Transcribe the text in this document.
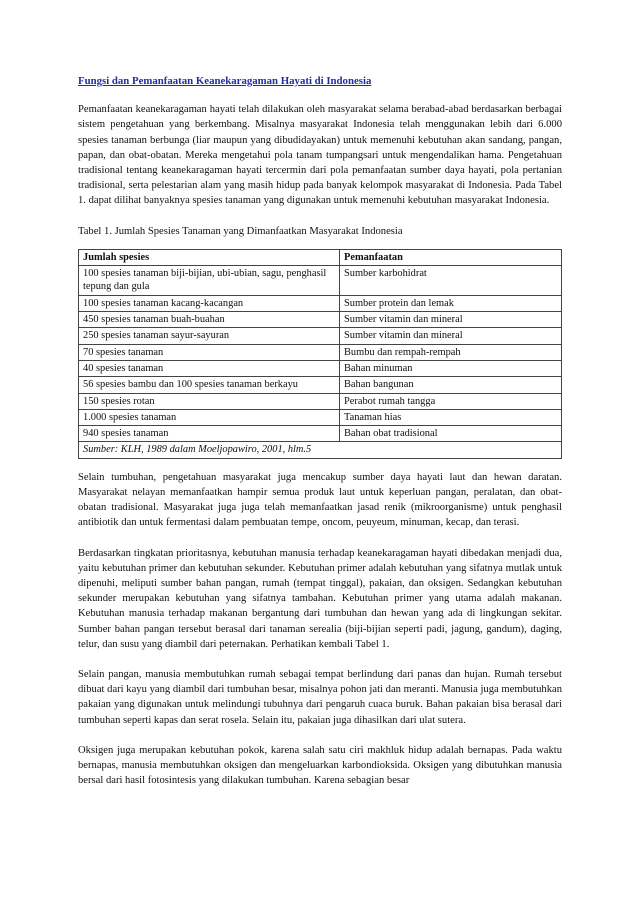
Fungsi dan Pemanfaatan Keanekaragaman Hayati di Indonesia

Pemanfaatan keanekaragaman hayati telah dilakukan oleh masyarakat selama berabad-abad berdasarkan berbagai sistem pengetahuan yang berkembang. Misalnya masyarakat Indonesia telah menggunakan lebih dari 6.000 spesies tanaman berbunga (liar maupun yang dibudidayakan) untuk memenuhi kebutuhan akan sandang, pangan, papan, dan obat-obatan. Mereka mengetahui pola tanam tumpangsari untuk mengendalikan hama. Pengetahuan tradisional tentang keanekaragaman hayati tercermin dari pola pemanfaatan sumber daya hayati, pola pertanian tradisional, serta pelestarian alam yang masih hidup pada banyak kelompok masyarakat di Indonesia. Pada Tabel 1. dapat dilihat banyaknya spesies tanaman yang digunakan untuk memenuhi kebutuhan masyarakat Indonesia.

Tabel 1. Jumlah Spesies Tanaman yang Dimanfaatkan Masyarakat Indonesia
Jumlah spesies	Pemanfaatan
100 spesies tanaman biji-bijian, ubi-ubian, sagu, penghasil tepung dan gula	Sumber karbohidrat
100 spesies tanaman kacang-kacangan	Sumber protein dan lemak
450 spesies tanaman buah-buahan	Sumber vitamin dan mineral
250 spesies tanaman sayur-sayuran	Sumber vitamin dan mineral
70 spesies tanaman	Bumbu dan rempah-rempah
40 spesies tanaman	Bahan minuman
56 spesies bambu dan 100 spesies tanaman berkayu	Bahan bangunan
150 spesies rotan	Perabot rumah tangga
1.000 spesies tanaman	Tanaman hias
940 spesies tanaman	Bahan obat tradisional
Sumber: KLH, 1989 dalam Moeljopawiro, 2001, hlm.5	

Selain tumbuhan, pengetahuan masyarakat juga mencakup sumber daya hayati laut dan hewan daratan. Masyarakat nelayan memanfaatkan hampir semua produk laut untuk keperluan pangan, peralatan, dan obat-obatan tradisional. Masyarakat juga juga telah memanfaatkan jasad renik (mikroorganisme) untuk penghasil antibiotik dan untuk fermentasi dalam pembuatan tempe, oncom, peuyeum, minuman, kecap, dan terasi.

Berdasarkan tingkatan prioritasnya, kebutuhan manusia terhadap keanekaragaman hayati dibedakan menjadi dua, yaitu kebutuhan primer dan kebutuhan sekunder. Kebutuhan primer adalah kebutuhan yang sifatnya mutlak untuk dipenuhi, meliputi sumber bahan pangan, rumah (tempat tinggal), pakaian, dan oksigen. Sedangkan kebutuhan sekunder merupakan kebutuhan yang sifatnya tambahan. Kebutuhan primer yang utama adalah makanan. Kebutuhan manusia terhadap makanan bergantung dari tumbuhan dan hewan yang ada di lingkungan sekitar. Sumber bahan pangan tersebut berasal dari tanaman serealia (biji-bijian seperti padi, jagung, gandum), daging, telur, dan susu yang diambil dari peternakan. Perhatikan kembali Tabel 1.

Selain pangan, manusia membutuhkan rumah sebagai tempat berlindung dari panas dan hujan. Rumah tersebut dibuat dari kayu yang diambil dari tumbuhan besar, misalnya pohon jati dan meranti. Manusia juga membutuhkan pakaian yang digunakan untuk melindungi tubuhnya dari pengaruh cuaca buruk. Bahan pakaian bisa berasal dari tumbuhan seperti kapas dan serat rosela. Selain itu, pakaian juga dihasilkan dari ulat sutera.

Oksigen juga merupakan kebutuhan pokok, karena salah satu ciri makhluk hidup adalah bernapas. Pada waktu bernapas, manusia membutuhkan oksigen dan mengeluarkan karbondioksida. Oksigen yang dibutuhkan manusia bersal dari hasil fotosintesis yang dilakukan tumbuhan. Karena sebagian besar
